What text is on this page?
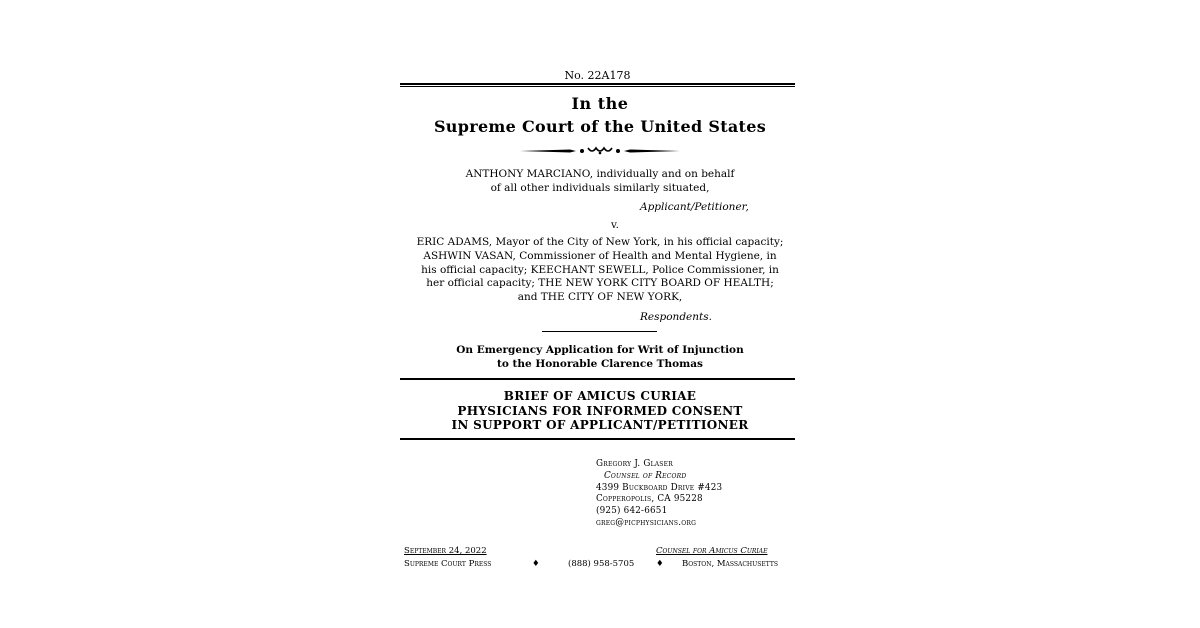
No. 22A178
In the
Supreme Court of the United States
ANTHONY MARCIANO, individually and on behalf
of all other individuals similarly situated,
Applicant/Petitioner,
v.
ERIC ADAMS, Mayor of the City of New York, in his official capacity;
ASHWIN VASAN, Commissioner of Health and Mental Hygiene, in
his official capacity; KEECHANT SEWELL, Police Commissioner, in
her official capacity; THE NEW YORK CITY BOARD OF HEALTH;
and THE CITY OF NEW YORK,
Respondents.
On Emergency Application for Writ of Injunction
to the Honorable Clarence Thomas
BRIEF OF AMICUS CURIAE
PHYSICIANS FOR INFORMED CONSENT
IN SUPPORT OF APPLICANT/PETITIONER
Gregory J. Glaser
Counsel of Record
4399 Buckboard Drive #423
Copperopolis, CA 95228
(925) 642-6651
greg@picphysicians.org
September 24, 2022	Counsel for Amicus Curiae
Supreme Court Press	♦	(888) 958-5705	♦ Boston, Massachusetts
